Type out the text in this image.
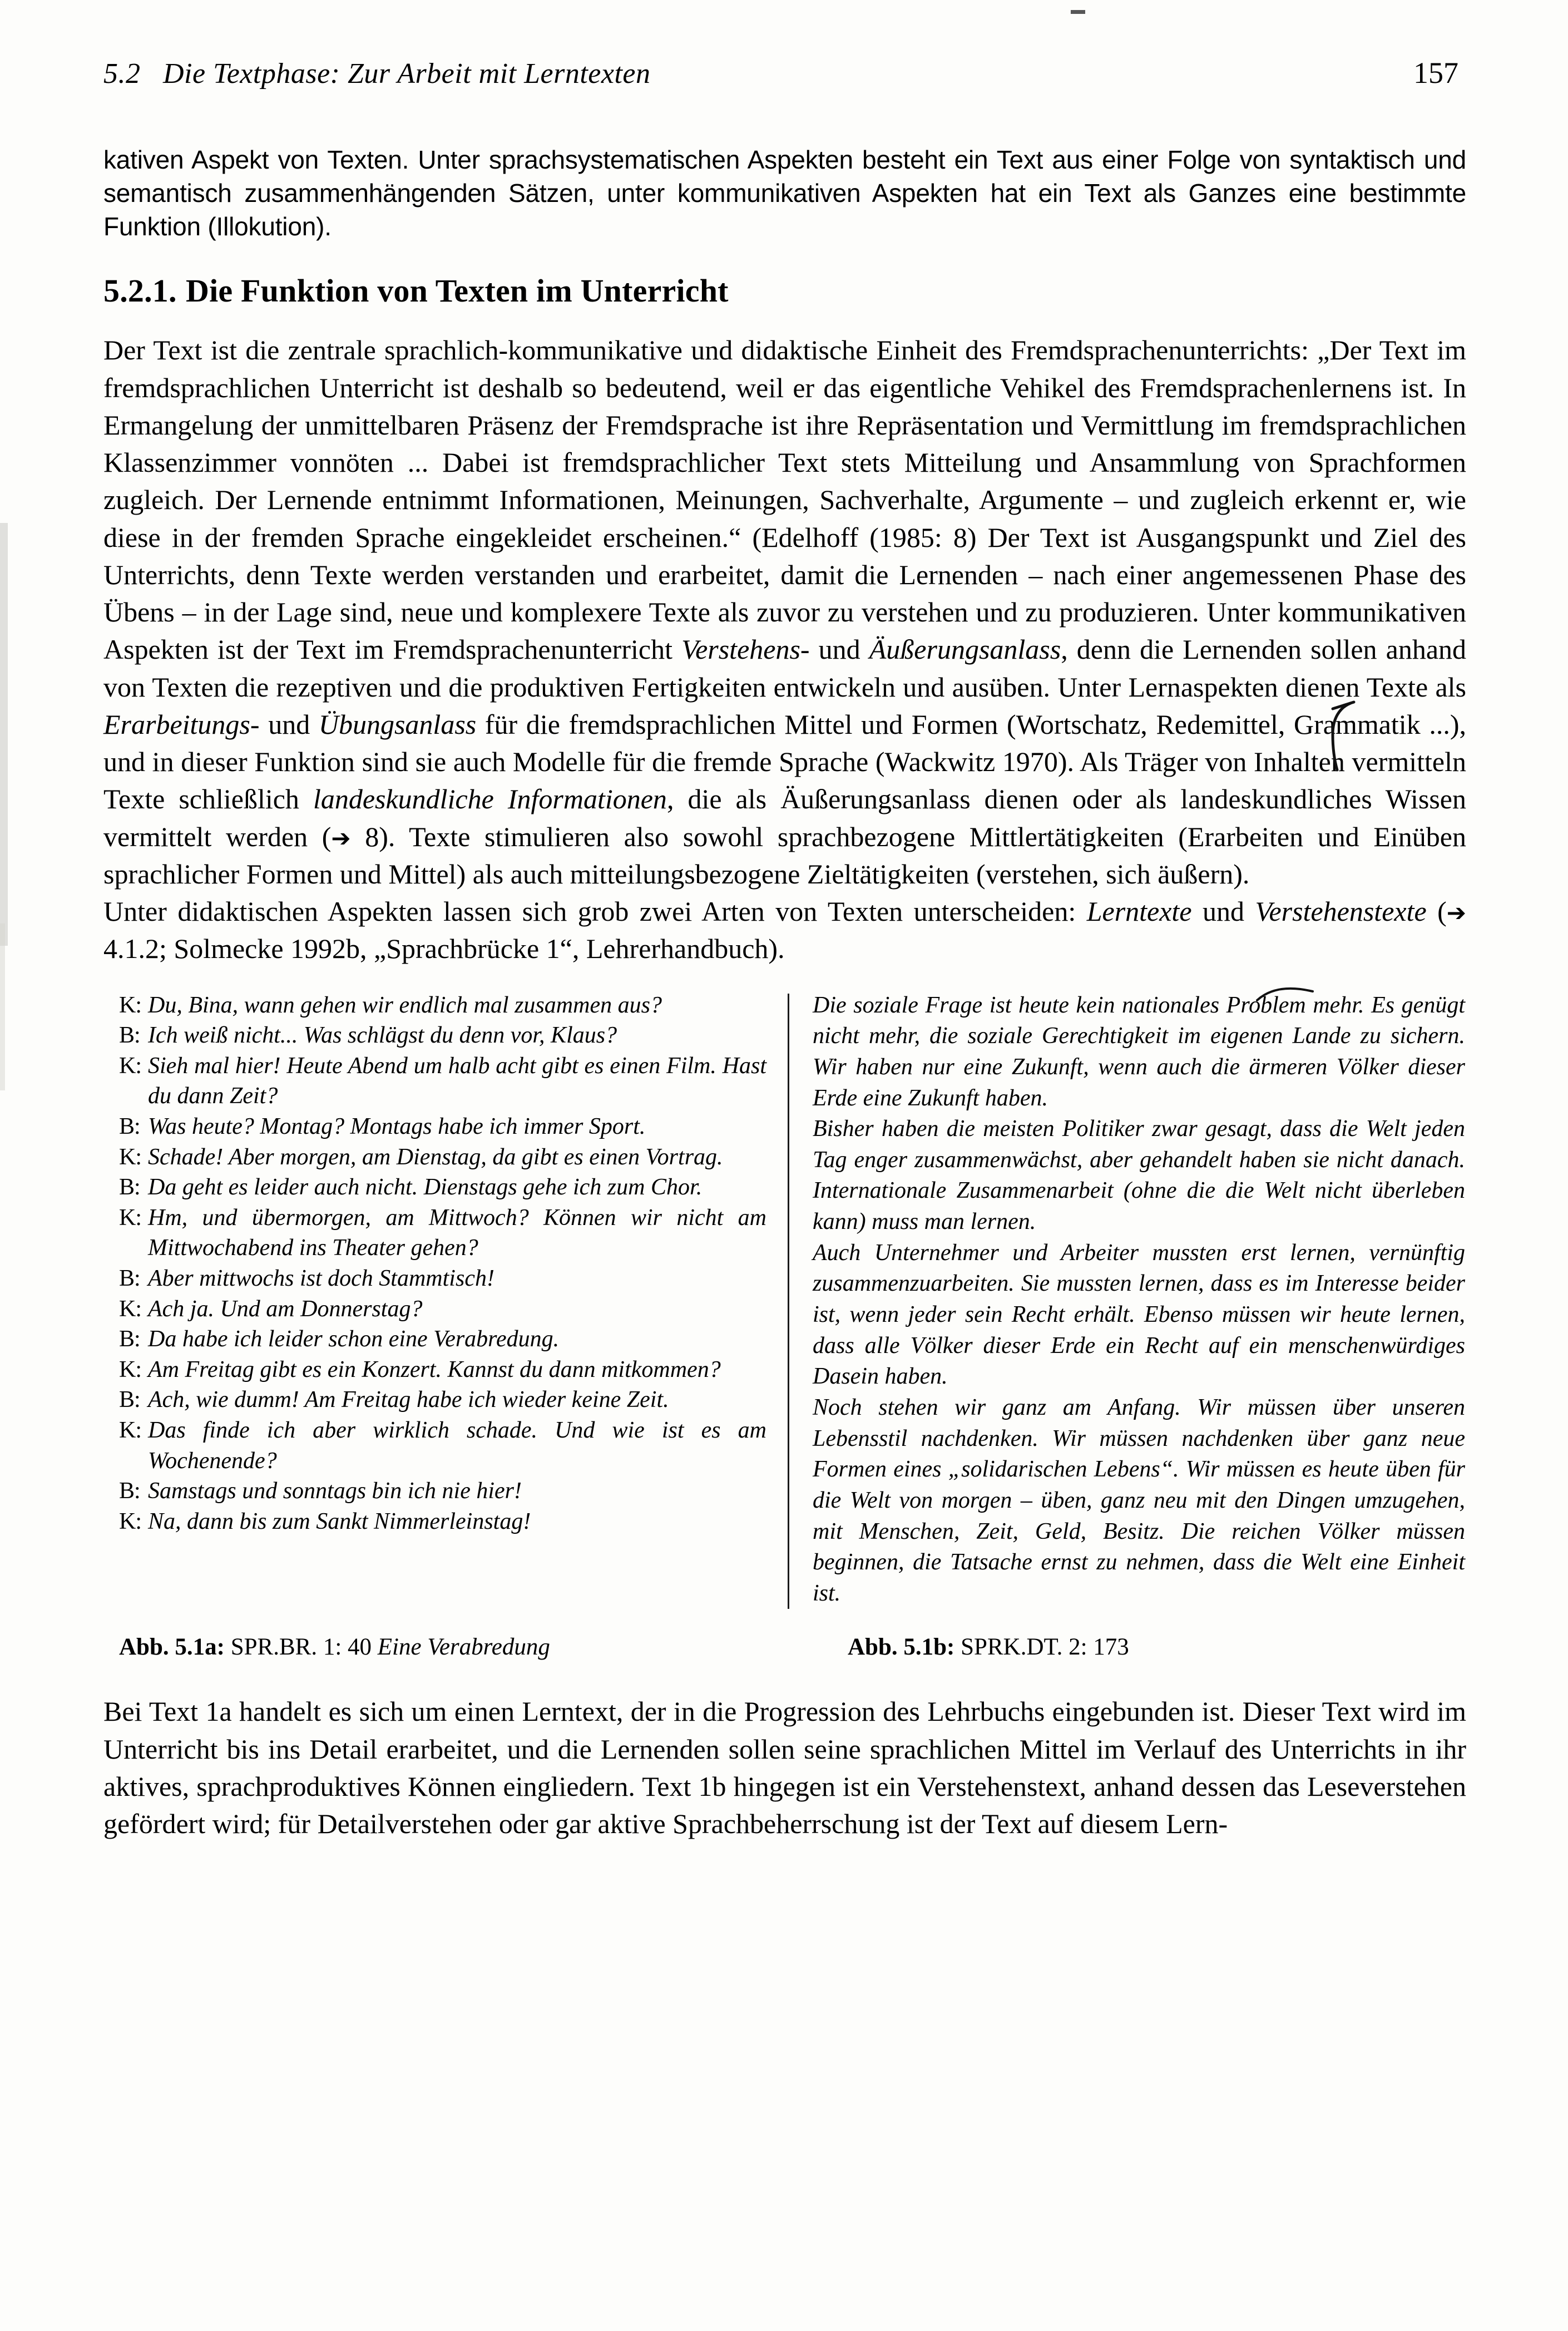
5.2   Die Textphase: Zur Arbeit mit Lerntexten	157

kativen Aspekt von Texten. Unter sprachsystematischen Aspekten besteht ein Text aus einer Folge von syntaktisch und semantisch zusammenhängenden Sätzen, unter kommunikativen Aspekten hat ein Text als Ganzes eine bestimmte Funktion (Illokution).

5.2.1. Die Funktion von Texten im Unterricht
Der Text ist die zentrale sprachlich-kommunikative und didaktische Einheit des Fremdsprachenunterrichts: „Der Text im fremdsprachlichen Unterricht ist deshalb so bedeutend, weil er das eigentliche Vehikel des Fremdsprachenlernens ist. In Ermangelung der unmittelbaren Präsenz der Fremdsprache ist ihre Repräsentation und Vermittlung im fremdsprachlichen Klassenzimmer vonnöten ... Dabei ist fremdsprachlicher Text stets Mitteilung und Ansammlung von Sprachformen zugleich. Der Lernende entnimmt Informationen, Meinungen, Sachverhalte, Argumente – und zugleich erkennt er, wie diese in der fremden Sprache eingekleidet erscheinen.“ (Edelhoff (1985: 8) Der Text ist Ausgangspunkt und Ziel des Unterrichts, denn Texte werden verstanden und erarbeitet, damit die Lernenden – nach einer angemessenen Phase des Übens – in der Lage sind, neue und komplexere Texte als zuvor zu verstehen und zu produzieren. Unter kommunikativen Aspekten ist der Text im Fremdsprachenunterricht Verstehens- und Äußerungsanlass, denn die Lernenden sollen anhand von Texten die rezeptiven und die produktiven Fertigkeiten entwickeln und ausüben. Unter Lernaspekten dienen Texte als Erarbeitungs- und Übungsanlass für die fremdsprachlichen Mittel und Formen (Wortschatz, Redemittel, Grammatik ...), und in dieser Funktion sind sie auch Modelle für die fremde Sprache (Wackwitz 1970). Als Träger von Inhalten vermitteln Texte schließlich landeskundliche Informationen, die als Äußerungsanlass dienen oder als landeskundliches Wissen vermittelt werden (➔ 8). Texte stimulieren also sowohl sprachbezogene Mittlertätigkeiten (Erarbeiten und Einüben sprachlicher Formen und Mittel) als auch mitteilungsbezogene Zieltätigkeiten (verstehen, sich äußern).
Unter didaktischen Aspekten lassen sich grob zwei Arten von Texten unterscheiden: Lerntexte und Verstehenstexte (➔ 4.1.2; Solmecke 1992b, „Sprachbrücke 1“, Lehrerhandbuch).
K: Du, Bina, wann gehen wir endlich mal zusammen aus?
B: Ich weiß nicht... Was schlägst du denn vor, Klaus?
K: Sieh mal hier! Heute Abend um halb acht gibt es einen Film. Hast du dann Zeit?
B: Was heute? Montag? Montags habe ich immer Sport.
K: Schade! Aber morgen, am Dienstag, da gibt es einen Vortrag.
B: Da geht es leider auch nicht. Dienstags gehe ich zum Chor.
K: Hm, und übermorgen, am Mittwoch? Können wir nicht am Mittwochabend ins Theater gehen?
B: Aber mittwochs ist doch Stammtisch!
K: Ach ja. Und am Donnerstag?
B: Da habe ich leider schon eine Verabredung.
K: Am Freitag gibt es ein Konzert. Kannst du dann mitkommen?
B: Ach, wie dumm! Am Freitag habe ich wieder keine Zeit.
K: Das finde ich aber wirklich schade. Und wie ist es am Wochenende?
B: Samstags und sonntags bin ich nie hier!
K: Na, dann bis zum Sankt Nimmerleinstag!

Die soziale Frage ist heute kein nationales Problem mehr. Es genügt nicht mehr, die soziale Gerechtigkeit im eigenen Lande zu sichern. Wir haben nur eine Zukunft, wenn auch die ärmeren Völker dieser Erde eine Zukunft haben.

Bisher haben die meisten Politiker zwar gesagt, dass die Welt jeden Tag enger zusammenwächst, aber gehandelt haben sie nicht danach. Internationale Zusammenarbeit (ohne die die Welt nicht überleben kann) muss man lernen.

Auch Unternehmer und Arbeiter mussten erst lernen, vernünftig zusammenzuarbeiten. Sie mussten lernen, dass es im Interesse beider ist, wenn jeder sein Recht erhält. Ebenso müssen wir heute lernen, dass alle Völker dieser Erde ein Recht auf ein menschenwürdiges Dasein haben.

Noch stehen wir ganz am Anfang. Wir müssen über unseren Lebensstil nachdenken. Wir müssen nachdenken über ganz neue Formen eines „solidarischen Lebens“. Wir müssen es heute üben für die Welt von morgen – üben, ganz neu mit den Dingen umzugehen, mit Menschen, Zeit, Geld, Besitz. Die reichen Völker müssen beginnen, die Tatsache ernst zu nehmen, dass die Welt eine Einheit ist.

Abb. 5.1a: SPR.BR. 1: 40 Eine Verabredung	Abb. 5.1b: SPRK.DT. 2: 173

Bei Text 1a handelt es sich um einen Lerntext, der in die Progression des Lehrbuchs eingebunden ist. Dieser Text wird im Unterricht bis ins Detail erarbeitet, und die Lernenden sollen seine sprachlichen Mittel im Verlauf des Unterrichts in ihr aktives, sprachproduktives Können eingliedern. Text 1b hingegen ist ein Verstehenstext, anhand dessen das Leseverstehen gefördert wird; für Detailverstehen oder gar aktive Sprachbeherrschung ist der Text auf diesem Lern-
